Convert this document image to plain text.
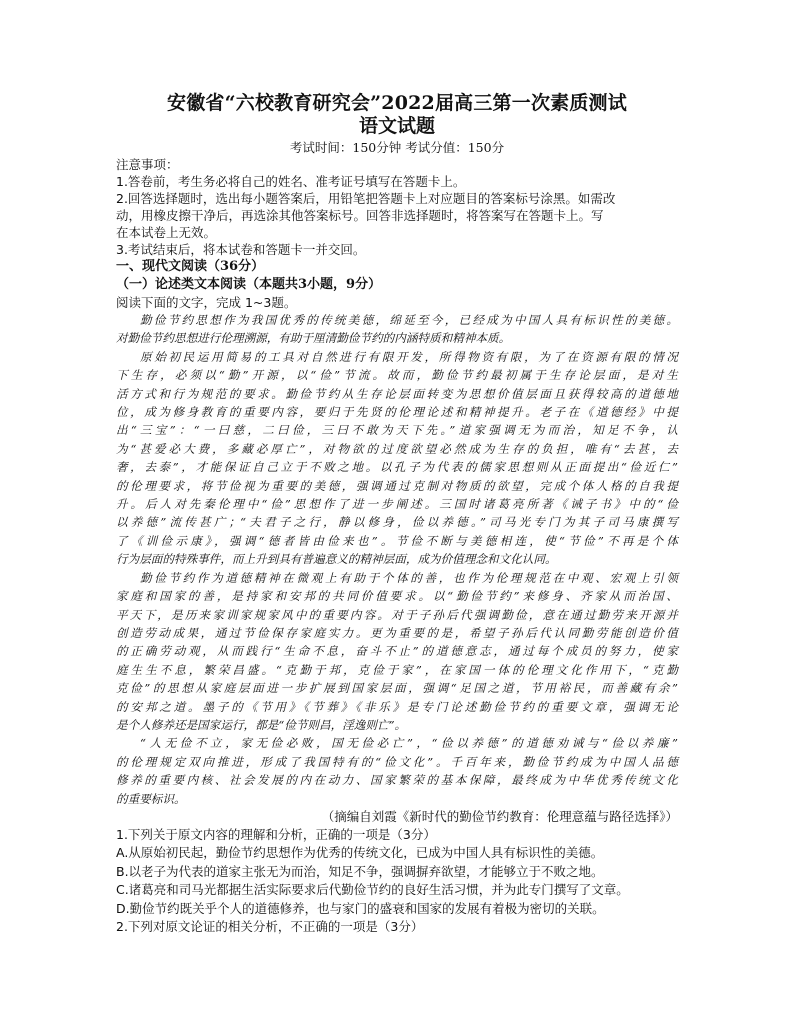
安徽省“六校教育研究会”2022届高三第一次素质测试
语文试题
考试时间：150分钟 考试分值：150分
注意事项：
1.答卷前，考生务必将自己的姓名、准考证号填写在答题卡上。
2.回答选择题时，选出每小题答案后，用铅笔把答题卡上对应题目的答案标号涂黑。如需改
动，用橡皮擦干净后，再选涂其他答案标号。回答非选择题时，将答案写在答题卡上。写
在本试卷上无效。
3.考试结束后，将本试卷和答题卡一并交回。
一、现代文阅读（36分）
（一）论述类文本阅读（本题共3小题，9分）
阅读下面的文字，完成 1~3题。
勤俭节约思想作为我国优秀的传统美德，绵延至今，已经成为中国人具有标识性的美德。
对勤俭节约思想进行伦理溯源，有助于厘清勤俭节约的内涵特质和精神本质。
原始初民运用简易的工具对自然进行有限开发，所得物资有限，为了在资源有限的情况
下生存，必须以“勤”开源，以“俭”节流。故而，勤俭节约最初属于生存论层面，是对生
活方式和行为规范的要求。勤俭节约从生存论层面转变为思想价值层面且获得较高的道德地
位，成为修身教育的重要内容，要归于先贤的伦理论述和精神提升。老子在《道德经》中提
出“三宝”：“一曰慈，二曰俭，三曰不敢为天下先。”道家强调无为而治，知足不争，认
为“甚爱必大费，多藏必厚亡”，对物欲的过度欲望必然成为生存的负担，唯有“去甚，去
奢，去泰”，才能保证自己立于不败之地。以孔子为代表的儒家思想则从正面提出“俭近仁”
的伦理要求，将节俭视为重要的美德，强调通过克制对物质的欲望，完成个体人格的自我提
升。后人对先秦伦理中“俭”思想作了进一步阐述。三国时诸葛亮所著《诫子书》中的“俭
以养德”流传甚广；“夫君子之行，静以修身，俭以养德。”司马光专门为其子司马康撰写
了《训俭示康》，强调“德者皆由俭来也”。节俭不断与美德相连，使“节俭”不再是个体
行为层面的特殊事件，而上升到具有普遍意义的精神层面，成为价值理念和文化认同。
勤俭节约作为道德精神在微观上有助于个体的善，也作为伦理规范在中观、宏观上引领
家庭和国家的善，是持家和安邦的共同价值要求。以“勤俭节约”来修身、齐家从而治国、
平天下，是历来家训家规家风中的重要内容。对于子孙后代强调勤俭，意在通过勤劳来开源并
创造劳动成果，通过节俭保存家庭实力。更为重要的是，希望子孙后代认同勤劳能创造价值
的正确劳动观，从而践行“生命不息，奋斗不止”的道德意志，通过每个成员的努力，使家
庭生生不息，繁荣昌盛。“克勤于邦，克俭于家”，在家国一体的伦理文化作用下，“克勤
克俭”的思想从家庭层面进一步扩展到国家层面，强调“足国之道，节用裕民，而善藏有余”
的安邦之道。墨子的《节用》《节葬》《非乐》是专门论述勤俭节约的重要文章，强调无论
是个人修养还是国家运行，都是“俭节则昌，淫逸则亡”。
“人无俭不立，家无俭必败，国无俭必亡”，“俭以养德”的道德劝诫与“俭以养廉”
的伦理规定双向推进，形成了我国特有的“俭文化”。千百年来，勤俭节约成为中国人品德
修养的重要内核、社会发展的内在动力、国家繁荣的基本保障，最终成为中华优秀传统文化
的重要标识。
（摘编自刘霞《新时代的勤俭节约教育：伦理意蕴与路径选择》）
1.下列关于原文内容的理解和分析，正确的一项是（3分）
A.从原始初民起，勤俭节约思想作为优秀的传统文化，已成为中国人具有标识性的美德。
B.以老子为代表的道家主张无为而治，知足不争，强调摒弃欲望，才能够立于不败之地。
C.诸葛亮和司马光都据生活实际要求后代勤俭节约的良好生活习惯，并为此专门撰写了文章。
D.勤俭节约既关乎个人的道德修养，也与家门的盛衰和国家的发展有着极为密切的关联。
2.下列对原文论证的相关分析，不正确的一项是（3分）
